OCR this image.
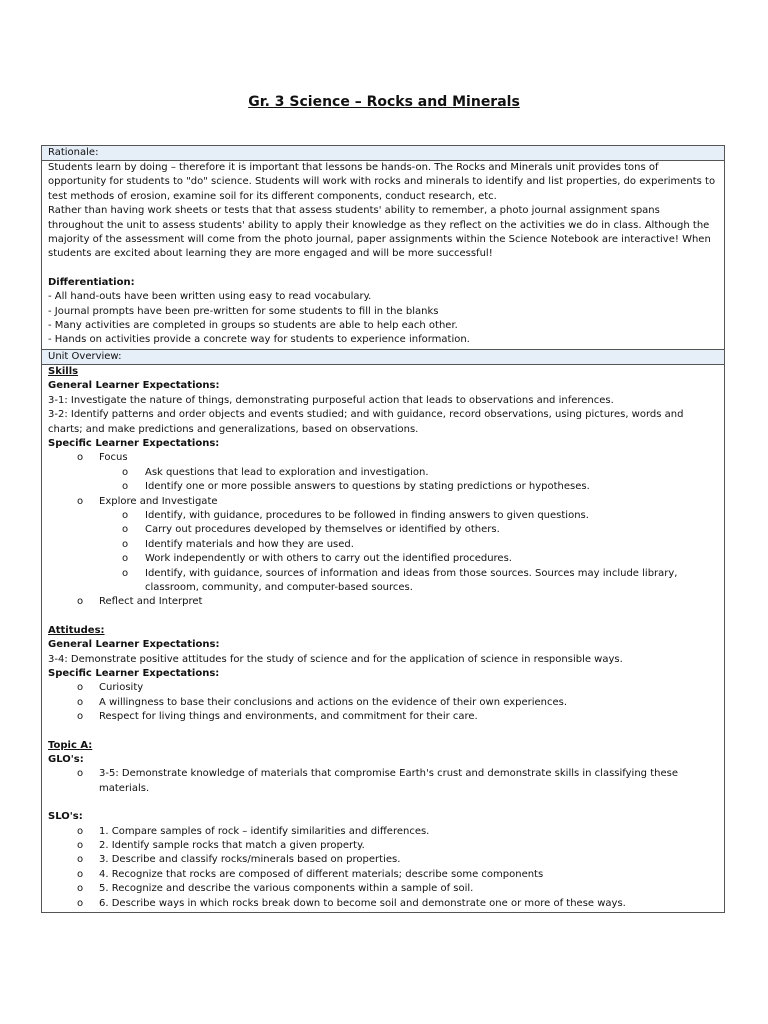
Gr. 3 Science – Rocks and Minerals
Rationale:

Students learn by doing – therefore it is important that lessons be hands-on. The Rocks and Minerals unit provides tons of opportunity for students to "do" science. Students will work with rocks and minerals to identify and list properties, do experiments to test methods of erosion, examine soil for its different components, conduct research, etc.

Rather than having work sheets or tests that that assess students' ability to remember, a photo journal assignment spans throughout the unit to assess students' ability to apply their knowledge as they reflect on the activities we do in class. Although the majority of the assessment will come from the photo journal, paper assignments within the Science Notebook are interactive! When students are excited about learning they are more engaged and will be more successful!

Differentiation:

- All hand-outs have been written using easy to read vocabulary.

- Journal prompts have been pre-written for some students to fill in the blanks

- Many activities are completed in groups so students are able to help each other.

- Hands on activities provide a concrete way for students to experience information.

Unit Overview:

Skills

General Learner Expectations:

3-1: Investigate the nature of things, demonstrating purposeful action that leads to observations and inferences.

3-2: Identify patterns and order objects and events studied; and with guidance, record observations, using pictures, words and charts; and make predictions and generalizations, based on observations.

Specific Learner Expectations:

o Focus
o Ask questions that lead to exploration and investigation.
o Identify one or more possible answers to questions by stating predictions or hypotheses.
o Explore and Investigate
o Identify, with guidance, procedures to be followed in finding answers to given questions.
o Carry out procedures developed by themselves or identified by others.
o Identify materials and how they are used.
o Work independently or with others to carry out the identified procedures.
o Identify, with guidance, sources of information and ideas from those sources. Sources may include library, classroom, community, and computer-based sources.
o Reflect and Interpret

Attitudes:

General Learner Expectations:

3-4: Demonstrate positive attitudes for the study of science and for the application of science in responsible ways.

Specific Learner Expectations:

o Curiosity
o A willingness to base their conclusions and actions on the evidence of their own experiences.
o Respect for living things and environments, and commitment for their care.

Topic A:

GLO's:

o 3-5: Demonstrate knowledge of materials that compromise Earth's crust and demonstrate skills in classifying these materials.

SLO's:

o 1. Compare samples of rock – identify similarities and differences.
o 2. Identify sample rocks that match a given property.
o 3. Describe and classify rocks/minerals based on properties.
o 4. Recognize that rocks are composed of different materials; describe some components
o 5. Recognize and describe the various components within a sample of soil.
o 6. Describe ways in which rocks break down to become soil and demonstrate one or more of these ways.
